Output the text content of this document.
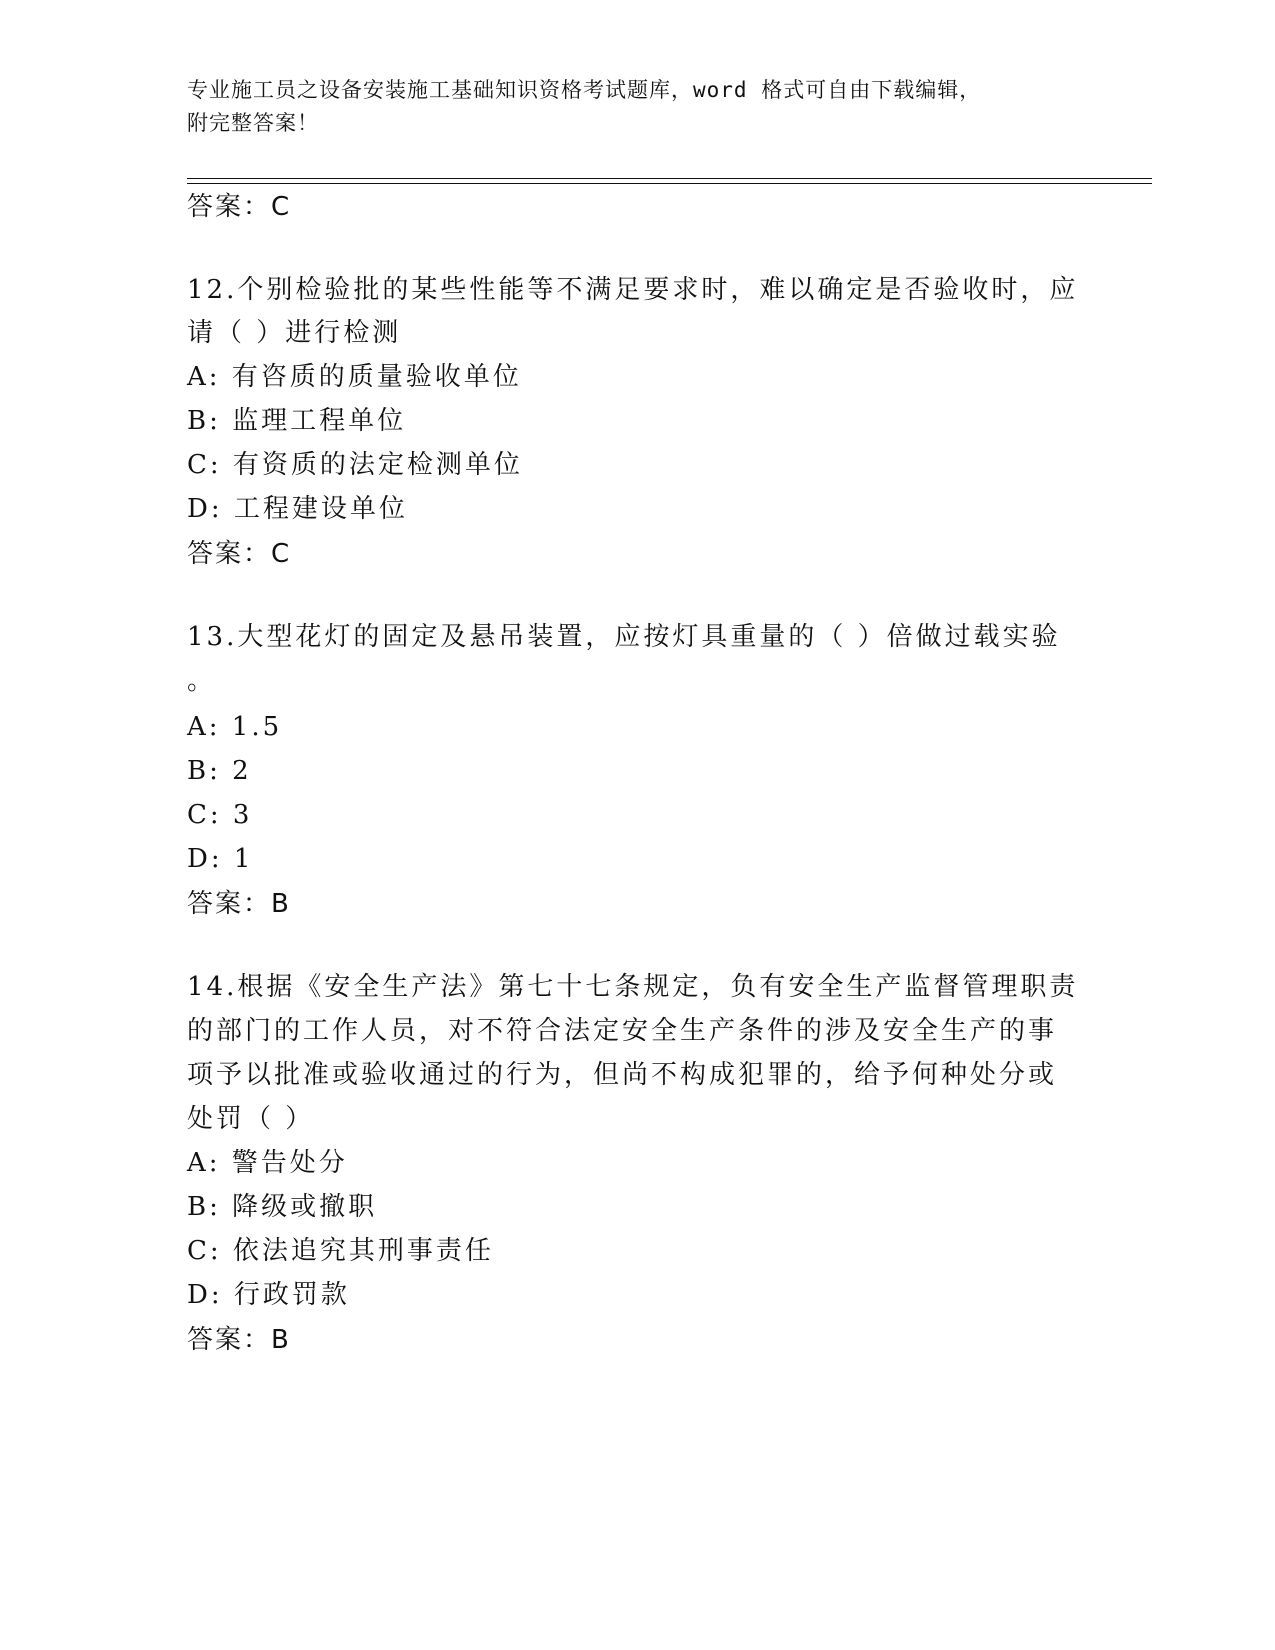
专业施工员之设备安装施工基础知识资格考试题库，word 格式可自由下载编辑，
附完整答案！
答案：C
12.个别检验批的某些性能等不满足要求时，难以确定是否验收时，应
请（ ）进行检测
A: 有咨质的质量验收单位
B: 监理工程单位
C: 有资质的法定检测单位
D: 工程建设单位
答案：C
13.大型花灯的固定及悬吊装置，应按灯具重量的（ ）倍做过载实验
。
A: 1.5
B: 2
C: 3
D: 1
答案：B
14.根据《安全生产法》第七十七条规定，负有安全生产监督管理职责
的部门的工作人员，对不符合法定安全生产条件的涉及安全生产的事
项予以批准或验收通过的行为，但尚不构成犯罪的，给予何种处分或
处罚（ ）
A: 警告处分
B: 降级或撤职
C: 依法追究其刑事责任
D: 行政罚款
答案：B
